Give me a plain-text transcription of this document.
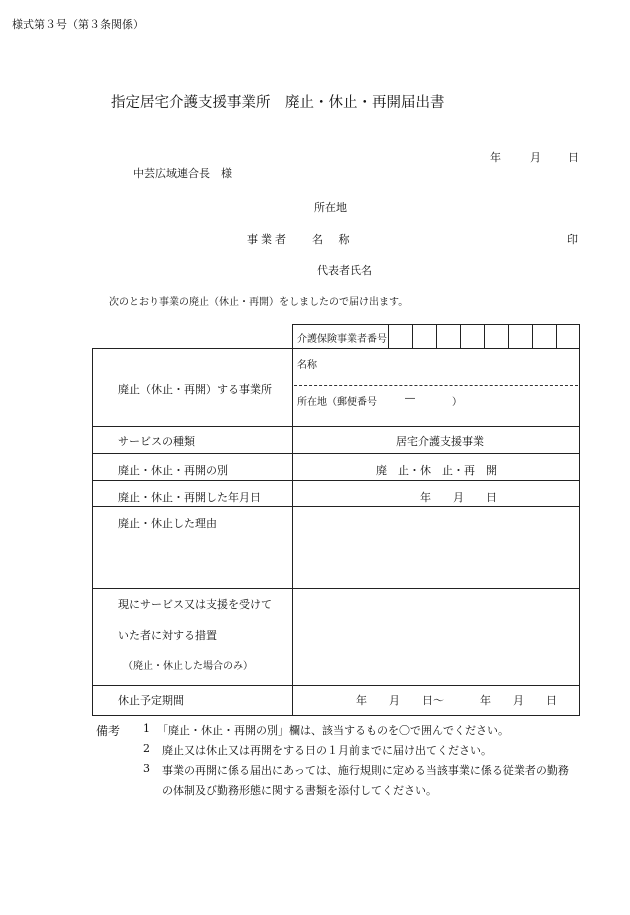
様式第３号（第３条関係）
指定居宅介護支援事業所　廃止・休止・再開届出書
年	月 日
中芸広域連合長　様
所在地
事業者 名 称	印
代表者氏名
次のとおり事業の廃止（休止・再開）をしましたので届け出ます。
介護保険事業者番号
廃止（休止・再開）する事業所
名称
所在地（郵便番号	―	）
サービスの種類	居宅介護支援事業
廃止・休止・再開の別	廃　止・休　止・再　開
廃止・休止・再開した年月日	年　　月　　日
廃止・休止した理由
現にサービス又は支援を受けて
いた者に対する措置
（廃止・休止した場合のみ）
休止予定期間	年　　月　　日～	年　　月　　日
備考 1 「廃止・休止・再開の別」欄は、該当するものを〇で囲んでください。
2 廃止又は休止又は再開をする日の１月前までに届け出てください。
3 事業の再開に係る届出にあっては、施行規則に定める当該事業に係る従業者の勤務
の体制及び勤務形態に関する書類を添付してください。
